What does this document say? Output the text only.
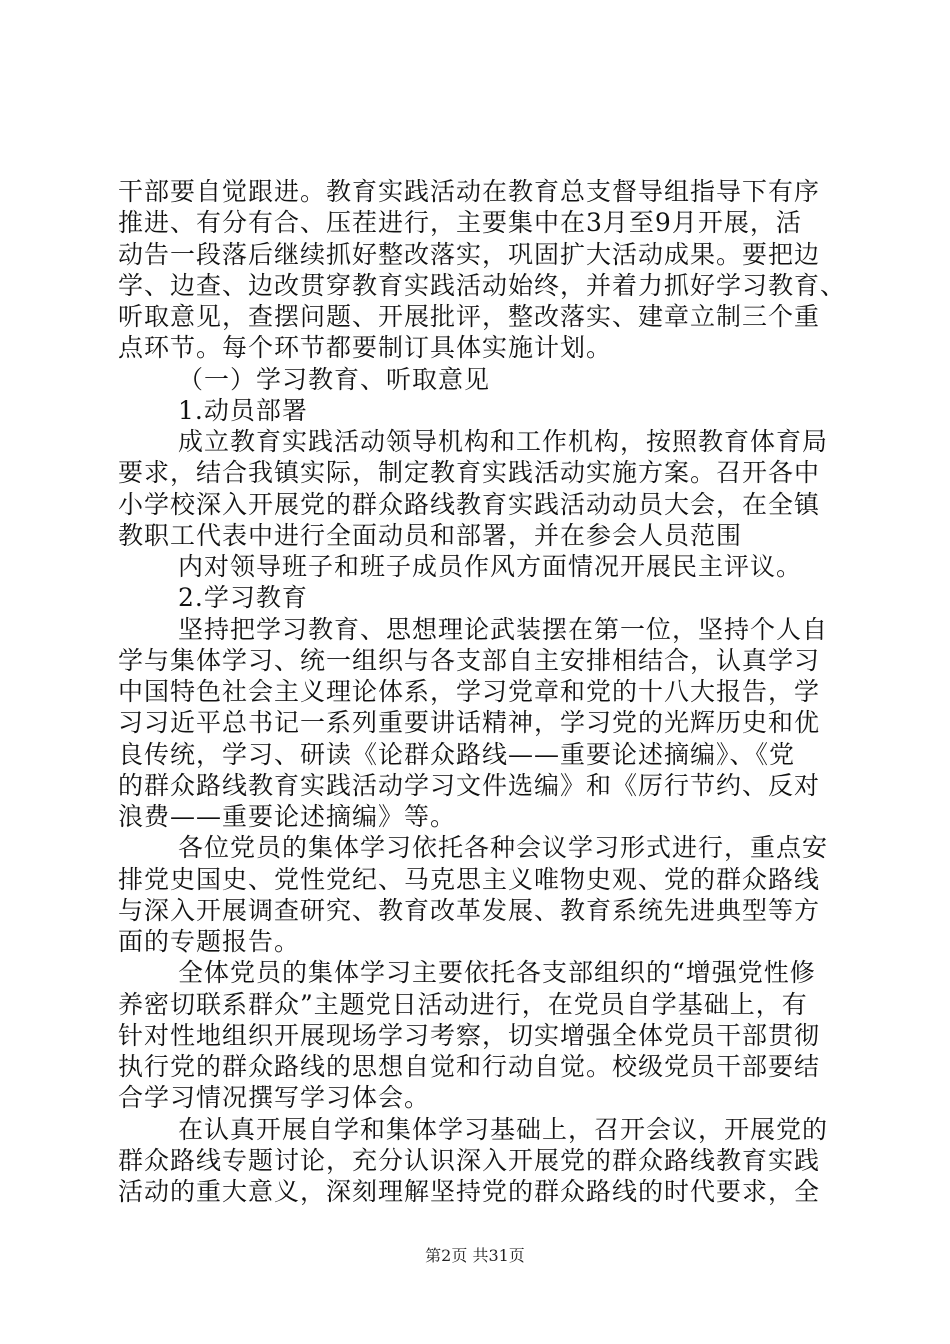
干部要自觉跟进。教育实践活动在教育总支督导组指导下有序
推进、有分有合、压茬进行，主要集中在3月至9月开展，活
动告一段落后继续抓好整改落实，巩固扩大活动成果。要把边
学、边查、边改贯穿教育实践活动始终，并着力抓好学习教育、
听取意见，查摆问题、开展批评，整改落实、建章立制三个重
点环节。每个环节都要制订具体实施计划。
（一）学习教育、听取意见
1.动员部署
成立教育实践活动领导机构和工作机构，按照教育体育局
要求，结合我镇实际，制定教育实践活动实施方案。召开各中
小学校深入开展党的群众路线教育实践活动动员大会，在全镇
教职工代表中进行全面动员和部署，并在参会人员范围
内对领导班子和班子成员作风方面情况开展民主评议。
2.学习教育
坚持把学习教育、思想理论武装摆在第一位，坚持个人自
学与集体学习、统一组织与各支部自主安排相结合，认真学习
中国特色社会主义理论体系，学习党章和党的十八大报告，学
习习近平总书记一系列重要讲话精神，学习党的光辉历史和优
良传统，学习、研读《论群众路线——重要论述摘编》、《党
的群众路线教育实践活动学习文件选编》和《厉行节约、反对
浪费——重要论述摘编》等。
各位党员的集体学习依托各种会议学习形式进行，重点安
排党史国史、党性党纪、马克思主义唯物史观、党的群众路线
与深入开展调查研究、教育改革发展、教育系统先进典型等方
面的专题报告。
全体党员的集体学习主要依托各支部组织的“增强党性修
养密切联系群众”主题党日活动进行，在党员自学基础上，有
针对性地组织开展现场学习考察，切实增强全体党员干部贯彻
执行党的群众路线的思想自觉和行动自觉。校级党员干部要结
合学习情况撰写学习体会。
在认真开展自学和集体学习基础上，召开会议，开展党的
群众路线专题讨论，充分认识深入开展党的群众路线教育实践
活动的重大意义，深刻理解坚持党的群众路线的时代要求，全
第2页 共31页
